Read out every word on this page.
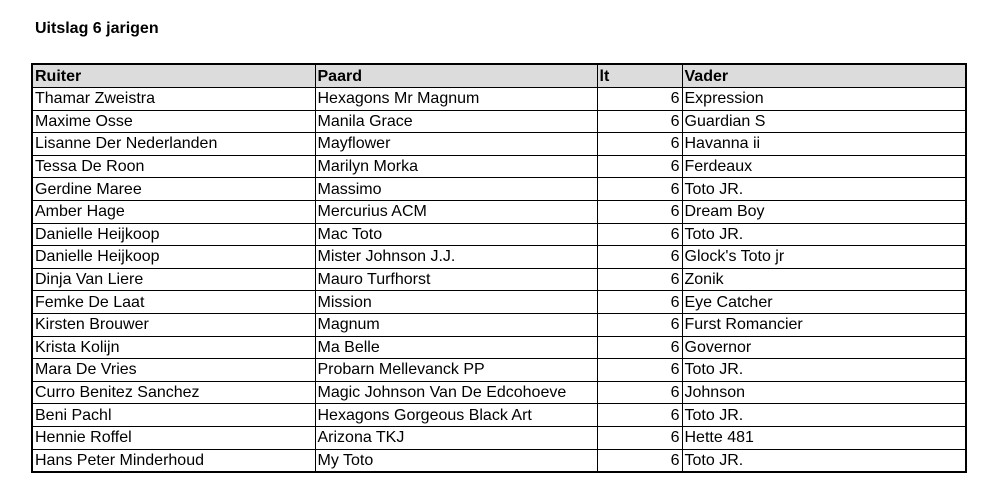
Uitslag 6 jarigen
Ruiter	Paard	lt	Vader
Thamar Zweistra	Hexagons Mr Magnum	6	Expression
Maxime Osse	Manila Grace	6	Guardian S
Lisanne Der Nederlanden	Mayflower	6	Havanna ii
Tessa De Roon	Marilyn Morka	6	Ferdeaux
Gerdine Maree	Massimo	6	Toto JR.
Amber Hage	Mercurius ACM	6	Dream Boy
Danielle Heijkoop	Mac Toto	6	Toto JR.
Danielle Heijkoop	Mister Johnson J.J.	6	Glock's Toto jr
Dinja Van Liere	Mauro Turfhorst	6	Zonik
Femke De Laat	Mission	6	Eye Catcher
Kirsten Brouwer	Magnum	6	Furst Romancier
Krista Kolijn	Ma Belle	6	Governor
Mara De Vries	Probarn Mellevanck PP	6	Toto JR.
Curro Benitez Sanchez	Magic Johnson Van De Edcohoeve	6	Johnson
Beni Pachl	Hexagons Gorgeous Black Art	6	Toto JR.
Hennie Roffel	Arizona TKJ	6	Hette 481
Hans Peter Minderhoud	My Toto	6	Toto JR.
